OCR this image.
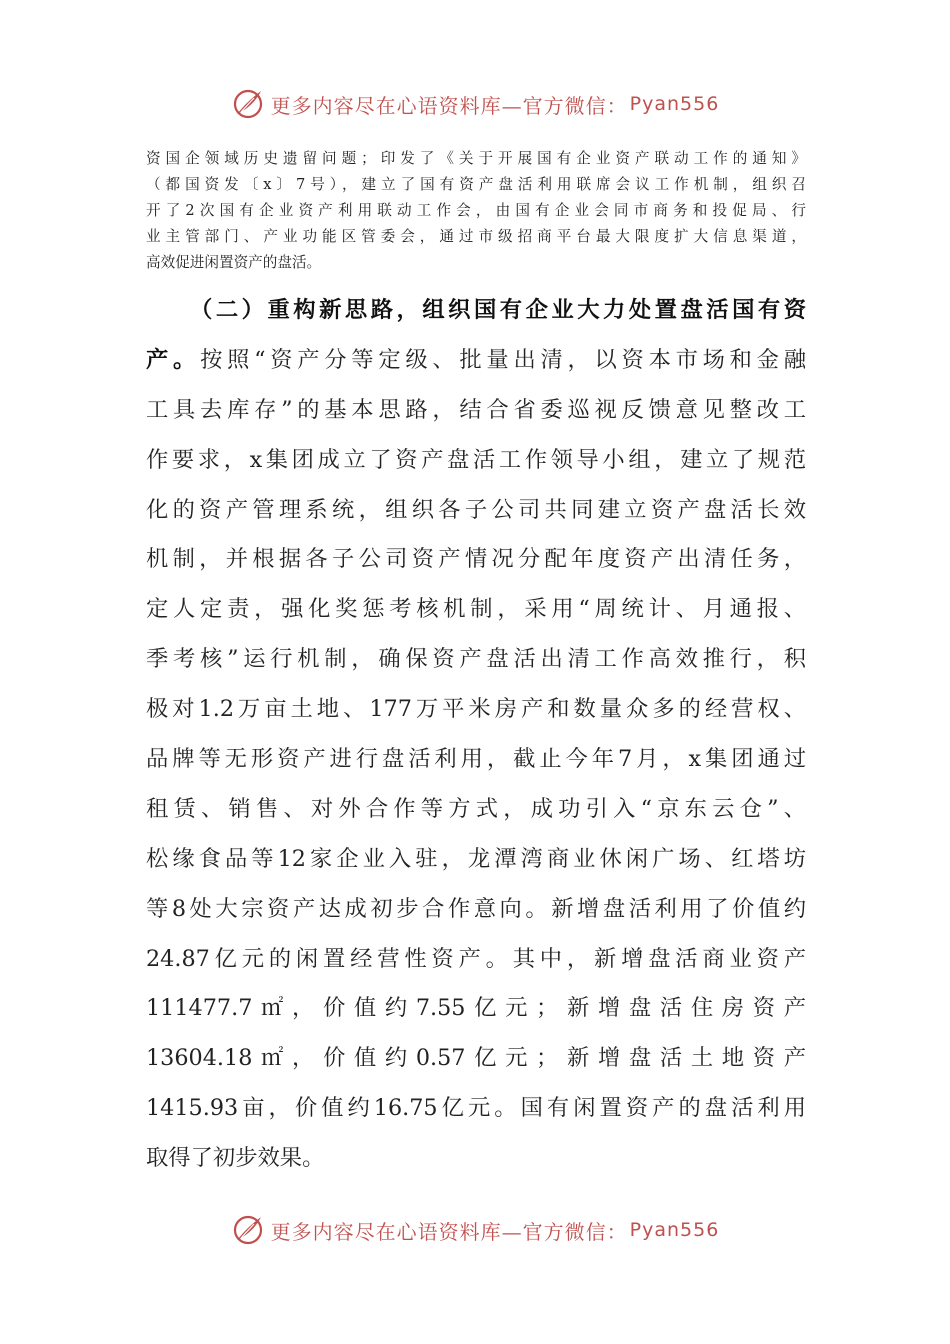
更多内容尽在心语资料库—官方微信： Pyan556
资国企领域历史遗留问题；印发了《关于开展国有企业资产联动工作的通知》
（都国资发〔x〕7号），建立了国有资产盘活利用联席会议工作机制，组织召
开了2次国有企业资产利用联动工作会，由国有企业会同市商务和投促局、行
业主管部门、产业功能区管委会，通过市级招商平台最大限度扩大信息渠道，
高效促进闲置资产的盘活。
（二）重构新思路，组织国有企业大力处置盘活国有资
产。按照“资产分等定级、批量出清，以资本市场和金融
工具去库存”的基本思路，结合省委巡视反馈意见整改工
作要求，x集团成立了资产盘活工作领导小组，建立了规范
化的资产管理系统，组织各子公司共同建立资产盘活长效
机制，并根据各子公司资产情况分配年度资产出清任务，
定人定责，强化奖惩考核机制，采用“周统计、月通报、
季考核”运行机制，确保资产盘活出清工作高效推行，积
极对1.2万亩土地、177万平米房产和数量众多的经营权、
品牌等无形资产进行盘活利用，截止今年7月，x集团通过
租赁、销售、对外合作等方式，成功引入“京东云仓”、
松缘食品等12家企业入驻，龙潭湾商业休闲广场、红塔坊
等8处大宗资产达成初步合作意向。新增盘活利用了价值约
24.87亿元的闲置经营性资产。其中，新增盘活商业资产
111477.7㎡，价值约7.55亿元；新增盘活住房资产
13604.18㎡，价值约0.57亿元；新增盘活土地资产
1415.93亩，价值约16.75亿元。国有闲置资产的盘活利用
取得了初步效果。
更多内容尽在心语资料库—官方微信： Pyan556
